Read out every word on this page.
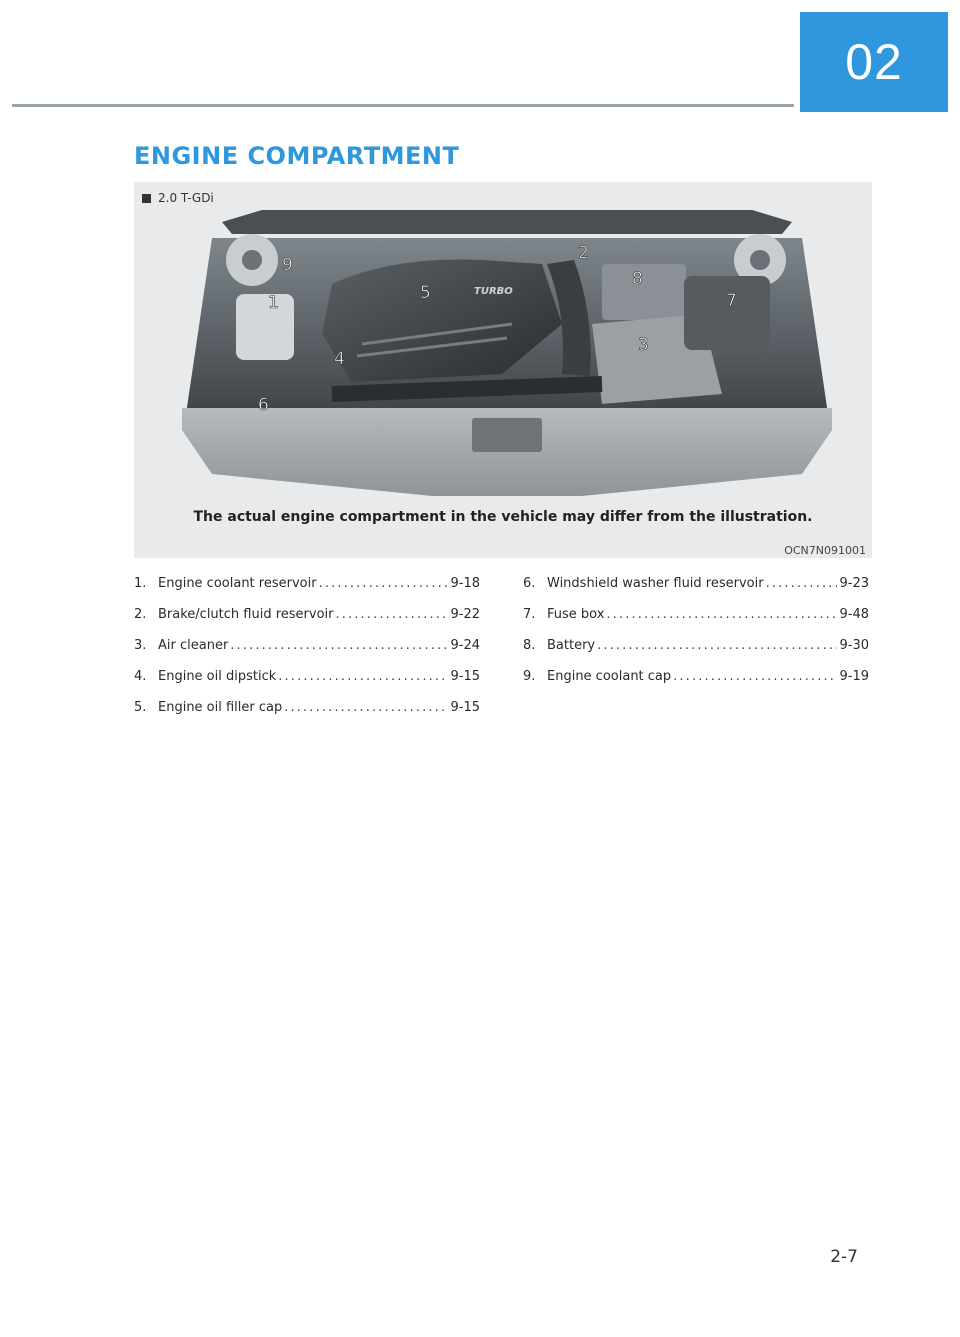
02
ENGINE COMPARTMENT
2.0 T-GDi
TURBO
1
2
3
4
5
6
7
8
9
The actual engine compartment in the vehicle may differ from the illustration.
OCN7N091001
1. Engine coolant reservoir . . .	9-18
2. Brake/clutch fluid reservoir . . .	9-22
3. Air cleaner . . .	9-24
4. Engine oil dipstick . . .	9-15
5. Engine oil filler cap . . .	9-15
6. Windshield washer fluid reservoir . . .	9-23
7. Fuse box . . .	9-48
8. Battery . . .	9-30
9. Engine coolant cap . . .	9-19
2-7
